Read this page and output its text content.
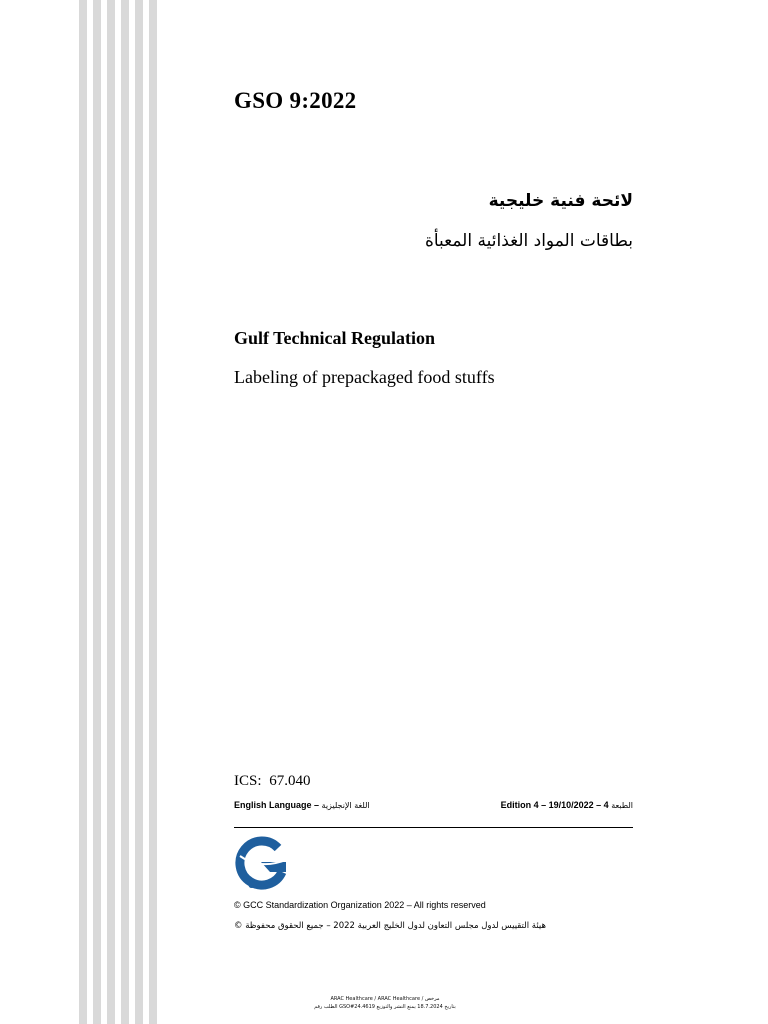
GSO 9:2022
لائحة فنية خليجية
بطاقات المواد الغذائية المعبأة
Gulf Technical Regulation
Labeling of prepackaged food stuffs
ICS: 67.040
English Language – اللغة الإنجليزية	Edition 4 – 19/10/2022 – 4 الطبعة
GSO
© GCC Standardization Organization 2022 – All rights reserved
هيئة التقييس لدول مجلس التعاون لدول الخليج العربية 2022 – جميع الحقوق محفوظة ©
ARAC Healthcare / ARAC Healthcare / مرخص
الطلب رقم GSO#24.4619 بتاريخ 18.7.2024 يمنع النشر والتوزيع
